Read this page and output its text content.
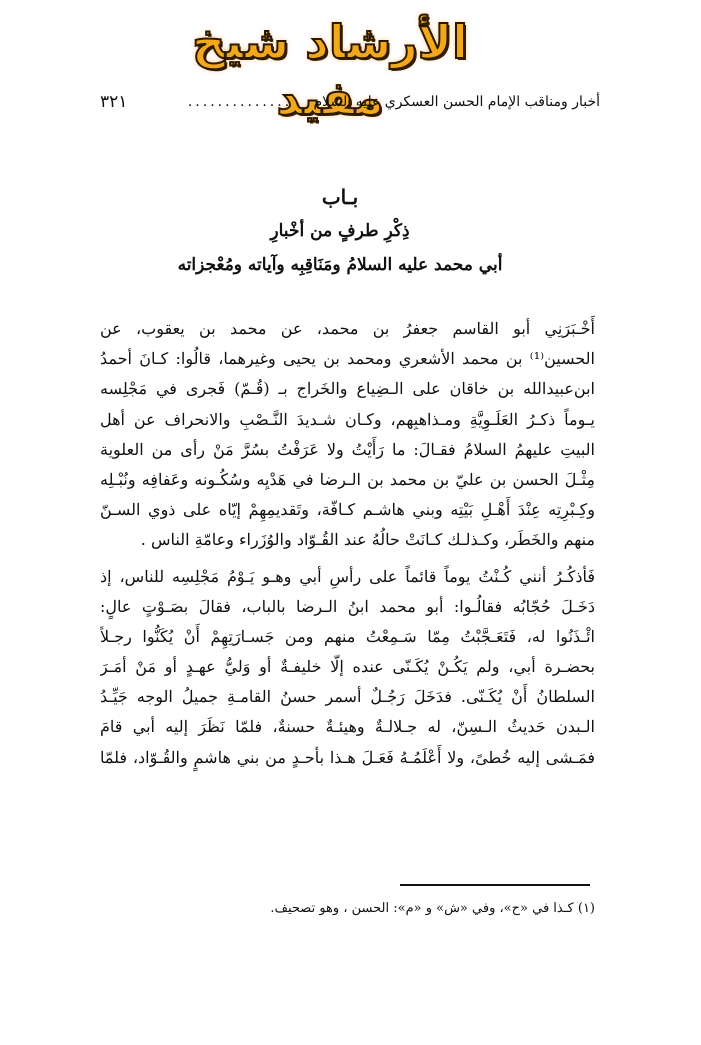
الأرشاد شيخ مفيد
أخبار ومناقب الإمام الحسن العسكري عليه السلام
..............
٣٢١
بـاب
ذِكْرِ طرفٍ من أخْبارِ
أبي محمد عليه السلامُ ومَنَاقِبِه وآياته ومُعْجزاته
أَخْـبَرَنِي أبو القاسم جعفرُ بن محمد، عن محمد بن يعقوب، عن
الحسين⁽¹⁾ بن محمد الأشعري ومحمد بن يحيى وغيرهما، قالُوا: كـانَ أحمدُ
ابن‌عبيدالله بن خاقان على الـضِياع والخَراج بـ (قُـمّ) فَجرى في مَجْلِسه
يـوماً ذكـرُ العَلَـوِيَّةِ ومـذاهبِهم، وكـان شـديدَ النَّـصْبِ والانحراف عن أهل
البيتِ عليهمُ السلامُ فقـالَ: ما رَأَيْتُ ولا عَرَفْتُ بسُرَّ مَنْ رأى من العلوية
مِثْـلَ الحسن بن عليّ بن محمد بن الـرضا في هَدْيِه وسُكُـونه وعَفافِه ونُبْـلِه
وكِـبْرِتِه عِنْدَ أَهْـلِ بَيْتِه وبني هاشـم كـافّة، وتَقديمِهِمْ إيّاه على ذوي السـنّ
منهم والخَطَر، وكـذلـك كـانَتْ حالُهُ عند القُـوّاد والوُزَراء وعامّةِ الناس .
فَأذكُـرُ أنني كُـنْتُ يوماً قائماً على رأسِ أبي وهـو يَـوْمُ مَجْلِسِه للناس، إذ
دَخَـلَ حُجّابُه فقالُـوا: أبو محمد ابنُ الـرضا بالباب، فقالَ بصَـوْتٍ عالٍ:
ائْـذَنُوا له، فَتَعَـجَّبْتُ مِمّا سَـمِعْتُ منهم ومن جَسـارَتِهِمْ أَنْ يُكَنُّوا رجـلاً
بحضـرة أبي، ولم يَكُـنْ يُكَـنّى عنده إلّا خليفـةٌ أو وَليُّ عهـدٍ أو مَنْ أمَـرَ
السلطانُ أَنْ يُكَـنّى. فدَخَلَ رَجُـلٌ أسمر حسنُ القامـةِ جميلُ الوجه جَيِّـدُ
الـبدن حَديثُ الـسِنّ، له جـلالـةٌ وهيئـةٌ حسنةٌ، فلمّا نَظَرَ إليه أبي قامَ
فمَـشى إليه خُطىً، ولا أَعْلَمُـهُ فَعَـلَ هـذا بأحـدٍ من بني هاشمٍ والقُـوّاد، فلمّا
(١) كـذا في «ح»، وفي «ش» و «م»: الحسن ، وهو تصحيف.
